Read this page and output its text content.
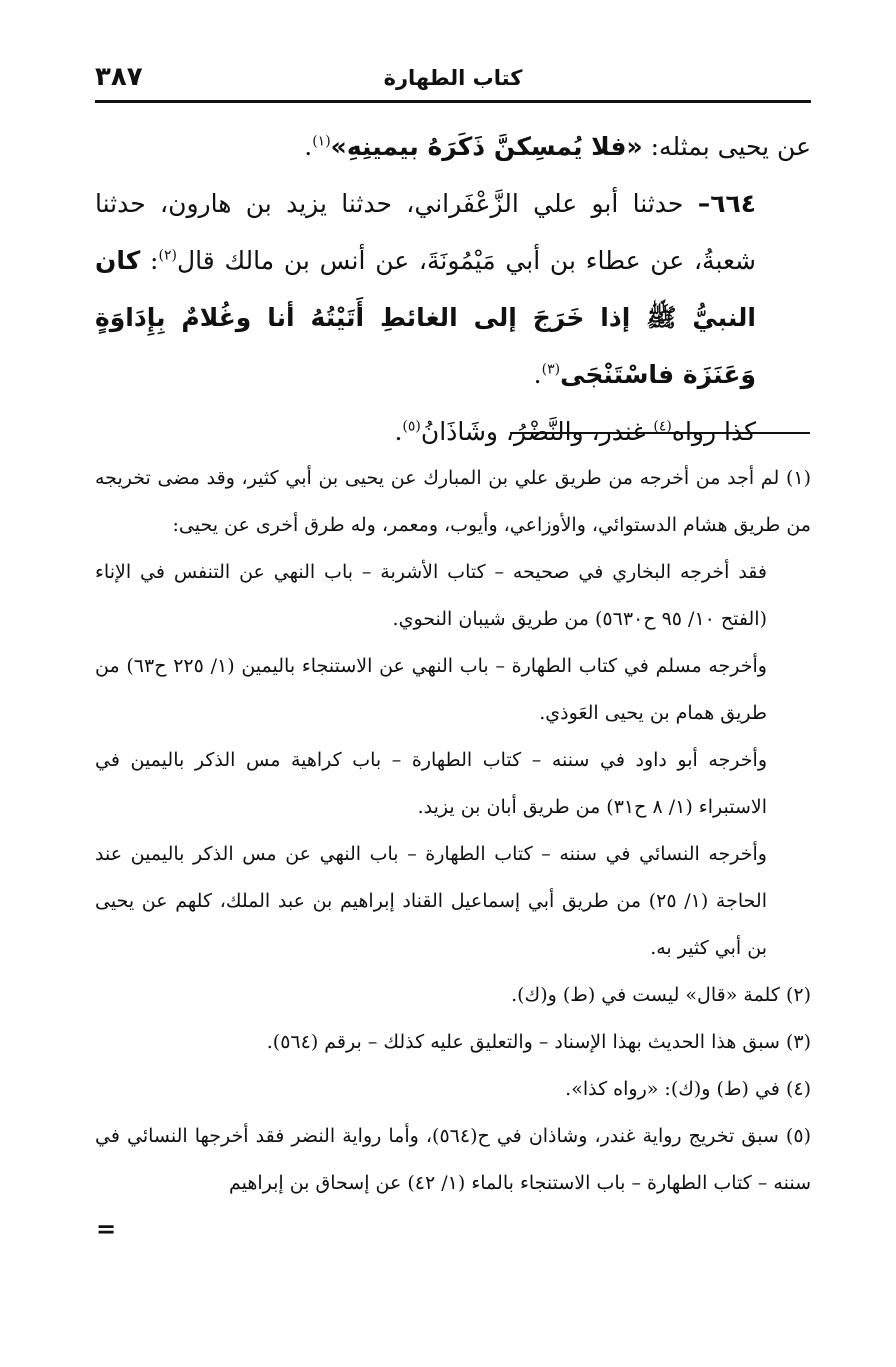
كتاب الطهارة
٣٨٧

عن يحيى بمثله: «فلا يُمسِكنَّ ذَكَرَهُ بيمينِهِ»$^{(١)}$.

٦٦٤– حدثنا أبو علي الزَّعْفَراني، حدثنا يزيد بن هارون، حدثنا شعبةُ، عن عطاء بن أبي مَيْمُونَةَ، عن أنس بن مالك قال$^{(٢)}$: كان النبيُّ ﷺ إذا خَرَجَ إلى الغائطِ أَتَيْتُهُ أنا وغُلامٌ بِإِدَاوَةٍ وَعَنَزَة فاسْتَنْجَى$^{(٣)}$.

كذا رواه$^{(٤)}$ غندر، والنَّضْرُ، وشَاذَانُ$^{(٥)}$.

(١) لم أجد من أخرجه من طريق علي بن المبارك عن يحيى بن أبي كثير، وقد مضى تخريجه من طريق هشام الدستوائي، والأوزاعي، وأيوب، ومعمر، وله طرق أخرى عن يحيى:
فقد أخرجه البخاري في صحيحه – كتاب الأشربة – باب النهي عن التنفس في الإناء (الفتح ١٠/ ٩٥ ح٥٦٣٠) من طريق شيبان النحوي.
وأخرجه مسلم في كتاب الطهارة – باب النهي عن الاستنجاء باليمين (١/ ٢٢٥ ح٦٣) من طريق همام بن يحيى العَوذي.
وأخرجه أبو داود في سننه – كتاب الطهارة – باب كراهية مس الذكر باليمين في الاستبراء (١/ ٨ ح٣١) من طريق أبان بن يزيد.
وأخرجه النسائي في سننه – كتاب الطهارة – باب النهي عن مس الذكر باليمين عند الحاجة (١/ ٢٥) من طريق أبي إسماعيل القناد إبراهيم بن عبد الملك، كلهم عن يحيى بن أبي كثير به.
(٢) كلمة «قال» ليست في (ط) و(ك).
(٣) سبق هذا الحديث بهذا الإسناد – والتعليق عليه كذلك – برقم (٥٦٤).
(٤) في (ط) و(ك): «رواه كذا».
(٥) سبق تخريج رواية غندر، وشاذان في ح(٥٦٤)، وأما رواية النضر فقد أخرجها النسائي في سننه – كتاب الطهارة – باب الاستنجاء بالماء (١/ ٤٢) عن إسحاق بن إبراهيم
=
